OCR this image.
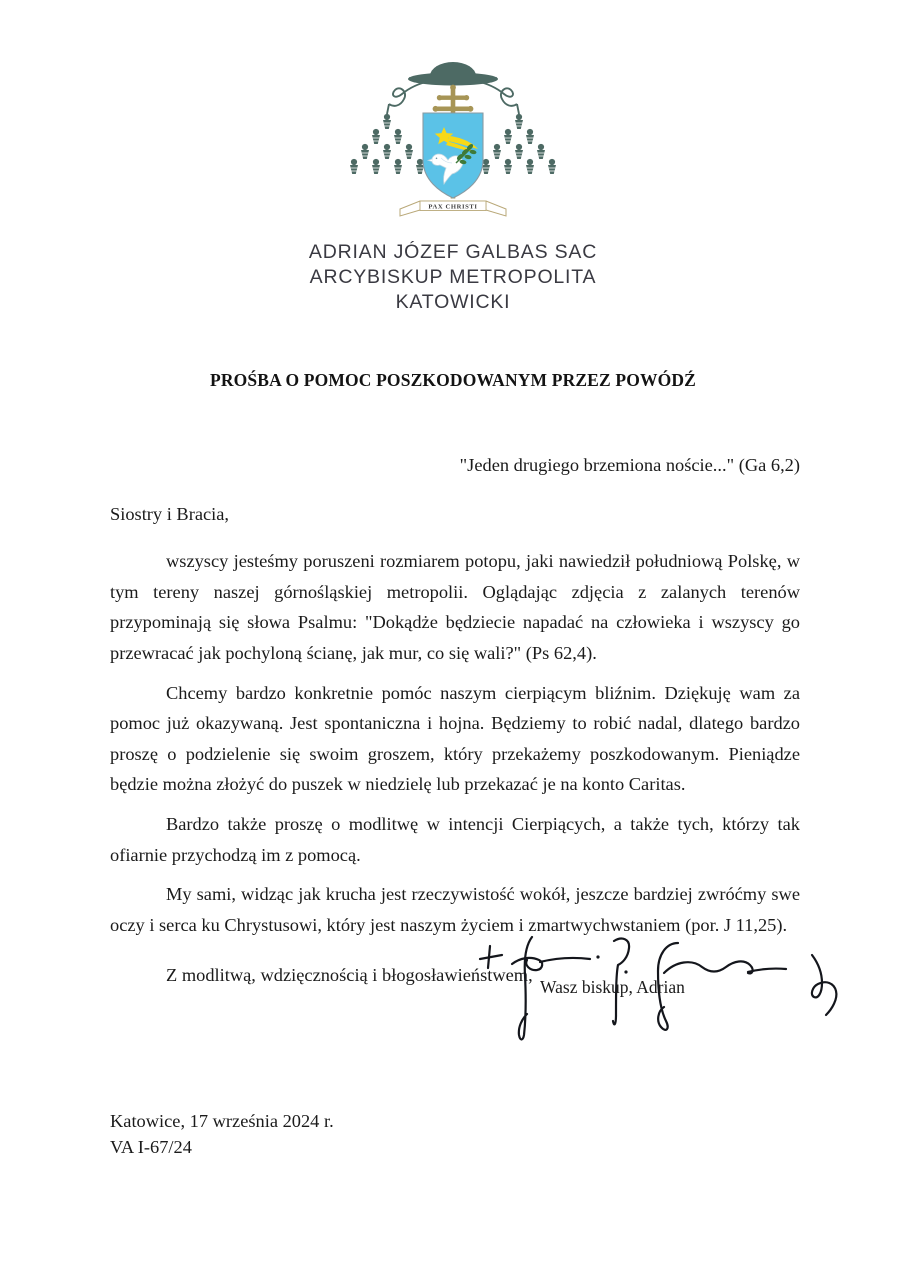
PAX CHRISTI
ADRIAN JÓZEF GALBAS SAC
ARCYBISKUP METROPOLITA
KATOWICKI
PROŚBA O POMOC POSZKODOWANYM PRZEZ POWÓDŹ
"Jeden drugiego brzemiona noście..." (Ga 6,2)
Siostry i Bracia,

wszyscy jesteśmy poruszeni rozmiarem potopu, jaki nawiedził południową Polskę, w tym tereny naszej górnośląskiej metropolii. Oglądając zdjęcia z zalanych terenów przypominają się słowa Psalmu: "Dokądże będziecie napadać na człowieka i wszyscy go przewracać jak pochyloną ścianę, jak mur, co się wali?" (Ps 62,4).

Chcemy bardzo konkretnie pomóc naszym cierpiącym bliźnim. Dziękuję wam za pomoc już okazywaną. Jest spontaniczna i hojna. Będziemy to robić nadal, dlatego bardzo proszę o podzielenie się swoim groszem, który przekażemy poszkodowanym. Pieniądze będzie można złożyć do puszek w niedzielę lub przekazać je na konto Caritas.

Bardzo także proszę o modlitwę w intencji Cierpiących, a także tych, którzy tak ofiarnie przychodzą im z pomocą.

My sami, widząc jak krucha jest rzeczywistość wokół, jeszcze bardziej zwróćmy swe oczy i serca ku Chrystusowi, który jest naszym życiem i zmartwychwstaniem (por. J 11,25).

Z modlitwą, wdzięcznością i błogosławieństwem,

Wasz biskup, Adrian
Katowice, 17 września 2024 r.
VA I-67/24
